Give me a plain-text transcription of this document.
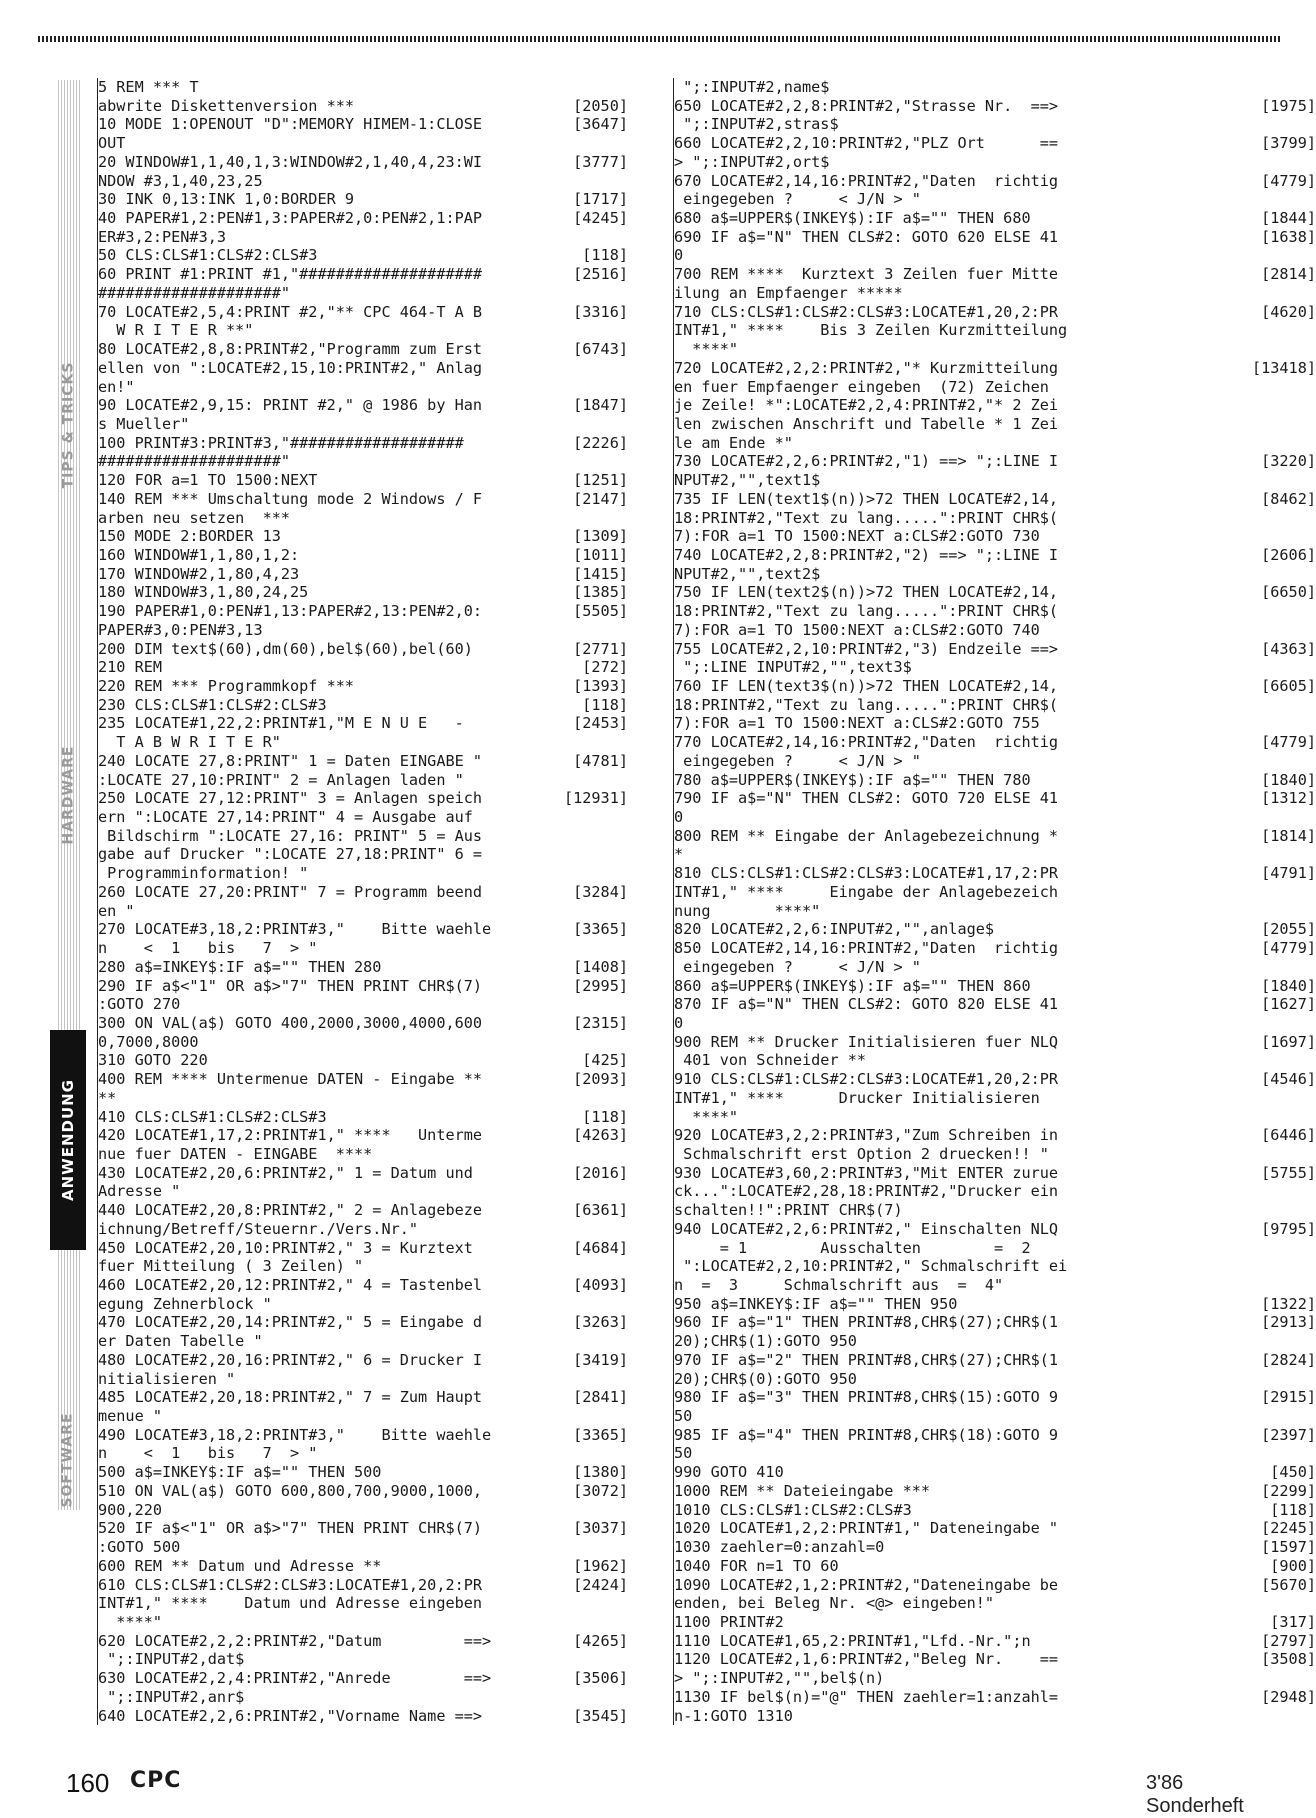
ANWENDUNG
SOFTWARE
HARDWARE
TIPS & TRICKS
5 REM *** T
abwrite Diskettenversion ***	[2050]
10 MODE 1:OPENOUT "D":MEMORY HIMEM-1:CLOSE	[3647]
OUT
20 WINDOW#1,1,40,1,3:WINDOW#2,1,40,4,23:WI	[3777]
NDOW #3,1,40,23,25
30 INK 0,13:INK 1,0:BORDER 9	[1717]
40 PAPER#1,2:PEN#1,3:PAPER#2,0:PEN#2,1:PAP	[4245]
ER#3,2:PEN#3,3
50 CLS:CLS#1:CLS#2:CLS#3	[118]
60 PRINT #1:PRINT #1,"####################	[2516]
####################"
70 LOCATE#2,5,4:PRINT #2,"** CPC 464-T A B	[3316]
W R I T E R **"
80 LOCATE#2,8,8:PRINT#2,"Programm zum Erst	[6743]
ellen von ":LOCATE#2,15,10:PRINT#2," Anlag
en!"
90 LOCATE#2,9,15: PRINT #2," @ 1986 by Han	[1847]
s Mueller"
100 PRINT#3:PRINT#3,"###################	[2226]
####################"
120 FOR a=1 TO 1500:NEXT	[1251]
140 REM *** Umschaltung mode 2 Windows / F	[2147]
arben neu setzen  ***
150 MODE 2:BORDER 13	[1309]
160 WINDOW#1,1,80,1,2:	[1011]
170 WINDOW#2,1,80,4,23	[1415]
180 WINDOW#3,1,80,24,25	[1385]
190 PAPER#1,0:PEN#1,13:PAPER#2,13:PEN#2,0:	[5505]
PAPER#3,0:PEN#3,13
200 DIM text$(60),dm(60),bel$(60),bel(60)	[2771]
210 REM	[272]
220 REM *** Programmkopf ***	[1393]
230 CLS:CLS#1:CLS#2:CLS#3	[118]
235 LOCATE#1,22,2:PRINT#1,"M E N U E   -	[2453]
T A B W R I T E R"
240 LOCATE 27,8:PRINT" 1 = Daten EINGABE "	[4781]
:LOCATE 27,10:PRINT" 2 = Anlagen laden "
250 LOCATE 27,12:PRINT" 3 = Anlagen speich	[12931]
ern ":LOCATE 27,14:PRINT" 4 = Ausgabe auf
Bildschirm ":LOCATE 27,16: PRINT" 5 = Aus
gabe auf Drucker ":LOCATE 27,18:PRINT" 6 =
Programminformation! "
260 LOCATE 27,20:PRINT" 7 = Programm beend	[3284]
en "
270 LOCATE#3,18,2:PRINT#3,"    Bitte waehle	[3365]
n    <  1   bis   7  > "
280 a$=INKEY$:IF a$="" THEN 280	[1408]
290 IF a$<"1" OR a$>"7" THEN PRINT CHR$(7)	[2995]
:GOTO 270
300 ON VAL(a$) GOTO 400,2000,3000,4000,600	[2315]
0,7000,8000
310 GOTO 220	[425]
400 REM **** Untermenue DATEN - Eingabe **	[2093]
**
410 CLS:CLS#1:CLS#2:CLS#3	[118]
420 LOCATE#1,17,2:PRINT#1," ****   Unterme	[4263]
nue fuer DATEN - EINGABE  ****
430 LOCATE#2,20,6:PRINT#2," 1 = Datum und	[2016]
Adresse "
440 LOCATE#2,20,8:PRINT#2," 2 = Anlagebeze	[6361]
ichnung/Betreff/Steuernr./Vers.Nr."
450 LOCATE#2,20,10:PRINT#2," 3 = Kurztext	[4684]
fuer Mitteilung ( 3 Zeilen) "
460 LOCATE#2,20,12:PRINT#2," 4 = Tastenbel	[4093]
egung Zehnerblock "
470 LOCATE#2,20,14:PRINT#2," 5 = Eingabe d	[3263]
er Daten Tabelle "
480 LOCATE#2,20,16:PRINT#2," 6 = Drucker I	[3419]
nitialisieren "
485 LOCATE#2,20,18:PRINT#2," 7 = Zum Haupt	[2841]
menue "
490 LOCATE#3,18,2:PRINT#3,"    Bitte waehle	[3365]
n    <  1   bis   7  > "
500 a$=INKEY$:IF a$="" THEN 500	[1380]
510 ON VAL(a$) GOTO 600,800,700,9000,1000,	[3072]
900,220
520 IF a$<"1" OR a$>"7" THEN PRINT CHR$(7)	[3037]
:GOTO 500
600 REM ** Datum und Adresse **	[1962]
610 CLS:CLS#1:CLS#2:CLS#3:LOCATE#1,20,2:PR	[2424]
INT#1," ****    Datum und Adresse eingeben
****"
620 LOCATE#2,2,2:PRINT#2,"Datum         ==>	[4265]
";:INPUT#2,dat$
630 LOCATE#2,2,4:PRINT#2,"Anrede        ==>	[3506]
";:INPUT#2,anr$
640 LOCATE#2,2,6:PRINT#2,"Vorname Name ==>	[3545]
";:INPUT#2,name$
650 LOCATE#2,2,8:PRINT#2,"Strasse Nr.  ==>	[1975]
";:INPUT#2,stras$
660 LOCATE#2,2,10:PRINT#2,"PLZ Ort      ==	[3799]
> ";:INPUT#2,ort$
670 LOCATE#2,14,16:PRINT#2,"Daten  richtig	[4779]
eingegeben ?     < J/N > "
680 a$=UPPER$(INKEY$):IF a$="" THEN 680	[1844]
690 IF a$="N" THEN CLS#2: GOTO 620 ELSE 41	[1638]
0
700 REM ****  Kurztext 3 Zeilen fuer Mitte	[2814]
ilung an Empfaenger *****
710 CLS:CLS#1:CLS#2:CLS#3:LOCATE#1,20,2:PR	[4620]
INT#1," ****    Bis 3 Zeilen Kurzmitteilung
****"
720 LOCATE#2,2,2:PRINT#2,"* Kurzmitteilung	[13418]
en fuer Empfaenger eingeben  (72) Zeichen
je Zeile! *":LOCATE#2,2,4:PRINT#2,"* 2 Zei
len zwischen Anschrift und Tabelle * 1 Zei
le am Ende *"
730 LOCATE#2,2,6:PRINT#2,"1) ==> ";:LINE I	[3220]
NPUT#2,"",text1$
735 IF LEN(text1$(n))>72 THEN LOCATE#2,14,	[8462]
18:PRINT#2,"Text zu lang.....":PRINT CHR$(
7):FOR a=1 TO 1500:NEXT a:CLS#2:GOTO 730
740 LOCATE#2,2,8:PRINT#2,"2) ==> ";:LINE I	[2606]
NPUT#2,"",text2$
750 IF LEN(text2$(n))>72 THEN LOCATE#2,14,	[6650]
18:PRINT#2,"Text zu lang.....":PRINT CHR$(
7):FOR a=1 TO 1500:NEXT a:CLS#2:GOTO 740
755 LOCATE#2,2,10:PRINT#2,"3) Endzeile ==>	[4363]
";:LINE INPUT#2,"",text3$
760 IF LEN(text3$(n))>72 THEN LOCATE#2,14,	[6605]
18:PRINT#2,"Text zu lang.....":PRINT CHR$(
7):FOR a=1 TO 1500:NEXT a:CLS#2:GOTO 755
770 LOCATE#2,14,16:PRINT#2,"Daten  richtig	[4779]
eingegeben ?     < J/N > "
780 a$=UPPER$(INKEY$):IF a$="" THEN 780	[1840]
790 IF a$="N" THEN CLS#2: GOTO 720 ELSE 41	[1312]
0
800 REM ** Eingabe der Anlagebezeichnung *	[1814]
*
810 CLS:CLS#1:CLS#2:CLS#3:LOCATE#1,17,2:PR	[4791]
INT#1," ****     Eingabe der Anlagebezeich
nung       ****"
820 LOCATE#2,2,6:INPUT#2,"",anlage$	[2055]
850 LOCATE#2,14,16:PRINT#2,"Daten  richtig	[4779]
eingegeben ?     < J/N > "
860 a$=UPPER$(INKEY$):IF a$="" THEN 860	[1840]
870 IF a$="N" THEN CLS#2: GOTO 820 ELSE 41	[1627]
0
900 REM ** Drucker Initialisieren fuer NLQ	[1697]
401 von Schneider **
910 CLS:CLS#1:CLS#2:CLS#3:LOCATE#1,20,2:PR	[4546]
INT#1," ****      Drucker Initialisieren
****"
920 LOCATE#3,2,2:PRINT#3,"Zum Schreiben in	[6446]
Schmalschrift erst Option 2 druecken!! "
930 LOCATE#3,60,2:PRINT#3,"Mit ENTER zurue	[5755]
ck...":LOCATE#2,28,18:PRINT#2,"Drucker ein
schalten!!":PRINT CHR$(7)
940 LOCATE#2,2,6:PRINT#2," Einschalten NLQ	[9795]
= 1        Ausschalten        =  2
":LOCATE#2,2,10:PRINT#2," Schmalschrift ei
n  =  3     Schmalschrift aus  =  4"
950 a$=INKEY$:IF a$="" THEN 950	[1322]
960 IF a$="1" THEN PRINT#8,CHR$(27);CHR$(1	[2913]
20);CHR$(1):GOTO 950
970 IF a$="2" THEN PRINT#8,CHR$(27);CHR$(1	[2824]
20);CHR$(0):GOTO 950
980 IF a$="3" THEN PRINT#8,CHR$(15):GOTO 9	[2915]
50
985 IF a$="4" THEN PRINT#8,CHR$(18):GOTO 9	[2397]
50
990 GOTO 410	[450]
1000 REM ** Dateieingabe ***	[2299]
1010 CLS:CLS#1:CLS#2:CLS#3	[118]
1020 LOCATE#1,2,2:PRINT#1," Dateneingabe "	[2245]
1030 zaehler=0:anzahl=0	[1597]
1040 FOR n=1 TO 60	[900]
1090 LOCATE#2,1,2:PRINT#2,"Dateneingabe be	[5670]
enden, bei Beleg Nr. <@> eingeben!"
1100 PRINT#2	[317]
1110 LOCATE#1,65,2:PRINT#1,"Lfd.-Nr.";n	[2797]
1120 LOCATE#2,1,6:PRINT#2,"Beleg Nr.    ==	[3508]
> ";:INPUT#2,"",bel$(n)
1130 IF bel$(n)="@" THEN zaehler=1:anzahl=	[2948]
n-1:GOTO 1310
160 CPC	3'86 Sonderheft
